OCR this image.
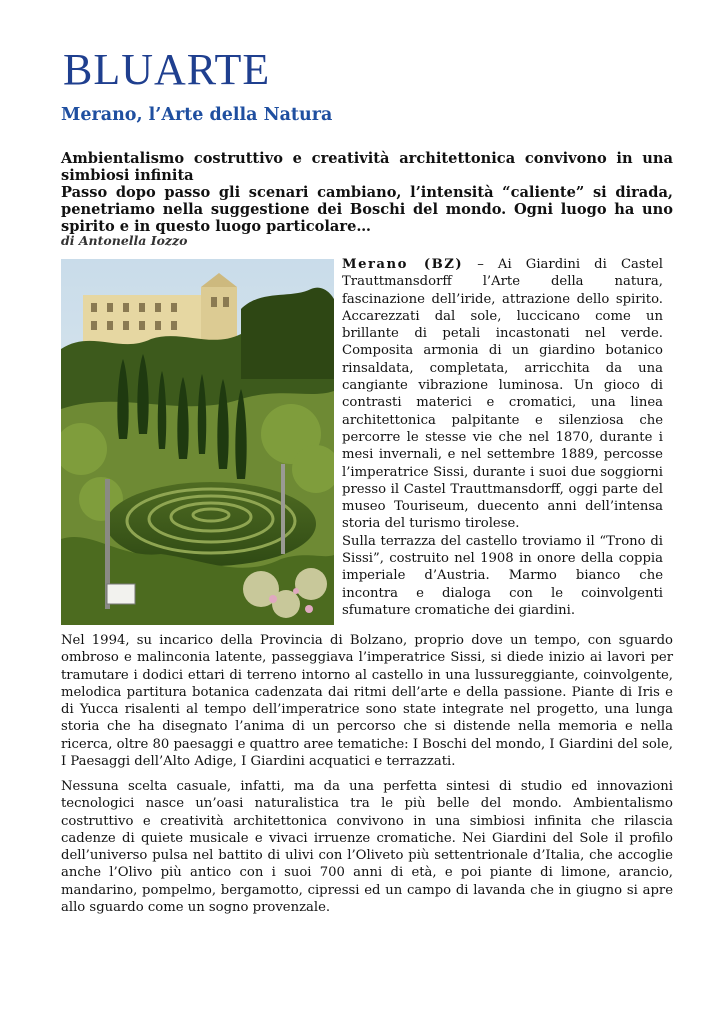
BLUARTE
Merano, l’Arte della Natura

Ambientalismo costruttivo e creatività architettonica convivono in una simbiosi infinita

Passo dopo passo gli scenari cambiano, l’intensità “caliente” si dirada, penetriamo nella suggestione dei Boschi del mondo. Ogni luogo ha uno spirito e in questo luogo particolare…

di Antonella Iozzo

Merano (BZ) – Ai Giardini di Castel Trauttmansdorff l’Arte della natura, fascinazione dell’iride, attrazione dello spirito. Accarezzati dal sole, luccicano come un brillante di petali incastonati nel verde. Composita armonia di un giardino botanico rinsaldata, completata, arricchita da una cangiante vibrazione luminosa. Un gioco di contrasti materici e cromatici, una linea architettonica palpitante e silenziosa che percorre le stesse vie che nel 1870, durante i mesi invernali, e nel settembre 1889, percosse l’imperatrice Sissi, durante i suoi due soggiorni presso il Castel Trauttmansdorff, oggi parte del museo Touriseum, duecento anni dell’intensa storia del turismo tirolese.

Sulla terrazza del castello troviamo il “Trono di Sissi”, costruito nel 1908 in onore della coppia imperiale d’Austria. Marmo bianco che incontra e dialoga con le coinvolgenti sfumature cromatiche dei giardini.

Nel 1994, su incarico della Provincia di Bolzano, proprio dove un tempo, con sguardo ombroso e malinconia latente, passeggiava l’imperatrice Sissi, si diede inizio ai lavori per tramutare i dodici ettari di terreno intorno al castello in una lussureggiante, coinvolgente, melodica partitura botanica cadenzata dai ritmi dell’arte e della passione. Piante di Iris e di Yucca risalenti al tempo dell’imperatrice sono state integrate nel progetto, una lunga storia che ha disegnato l’anima di un percorso che si distende nella memoria e nella ricerca, oltre 80 paesaggi e quattro aree tematiche: I Boschi del mondo, I Giardini del sole, I Paesaggi dell’Alto Adige, I Giardini acquatici e terrazzati.

Nessuna scelta casuale, infatti, ma da una perfetta sintesi di studio ed innovazioni tecnologici nasce un’oasi naturalistica tra le più belle del mondo. Ambientalismo costruttivo e creatività architettonica convivono in una simbiosi infinita che rilascia cadenze di quiete musicale e vivaci irruenze cromatiche. Nei Giardini del Sole il profilo dell’universo pulsa nel battito di ulivi con l’Oliveto più settentrionale d’Italia, che accoglie anche l’Olivo più antico con i suoi 700 anni di età, e poi piante di limone, arancio, mandarino, pompelmo, bergamotto, cipressi ed un campo di lavanda che in giugno si apre allo sguardo come un sogno provenzale.
